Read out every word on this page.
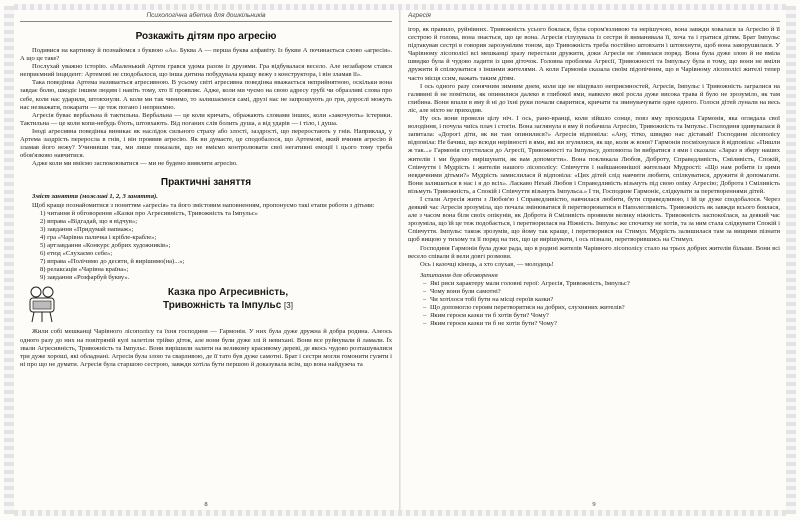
Психологічна абетка для дошкільників
Розкажіть дітям про агресію

Подивися на картинку й познайомся з буквою «А». Буква А — перша буква алфавіту. Із букви А починається слово «агресія». А що це таке?

Послухай уважно історію. «Маленький Артем грався удома разом із друзями. Гра відбувалася весело. Але незабаром стався неприємний інцидент: Артемові не сподобалося, що інша дитина побудувала кращу вежу з конструктора, і він зламав її».

Така поведінка Артема називається агресивною. В усьому світі агресивна поведінка вважається неприйнятною, оскільки вона завдає болю, шкодіє іншим людям і навіть тому, хто її проявляє. Адже, коли ми чуємо на свою адресу грубі чи образливі слова про себе, коли нас ударили, штовхнули. А коли ми так чинимо, то залишаємося самі, друзі нас не запрошують до гри, дорослі можуть нас незважати, покарати — це теж погано і неприємно.

Агресія буває вербальна й тактильна. Вербальна — це коли кричать, ображають словами інших, коли «закочують» істерики. Тактильна — це коли копи-небудь б'ють, штовхають. Від поганих слів болить душа, а від ударів — і тіло, і душа.

Іноді агресивна поведінка виникає як наслідок сильного страху або злості, заздрості, що переростають у гнів. Наприклад, у Артема заздрість переросла в гнів, і він проявив агресію. Як ви думаєте, це сподобалося, що Артемові, який вчинив агресію й зламав його вежу? Учинивши так, ми лише показали, що не вміємо контролювати свої негативні емоції і цього тому треба обов'язково навчитися.

Адже коли ми вміємо заспокоюватися — ми не будемо виявляти агресію.

Практичні заняття

Зміст заняття (можливі 1, 2, 3 заняття).

Щоб краще познайомитися з поняттям «агресія» та його змістовим наповненням, пропонуємо такі етапи роботи з дітьми:

1) читання й обговорення «Казки про Агресивність, Тривожність та Імпульс»
2) вправа «Відгадай, що я відчув»;
3) завдання «Придумай напиаж»;
4) гра «Чарівна паличка і крібле-крабле»;
5) артзавдання «Конкурс добрих художників»;
6) етюд «Слухаємо себе»;
7) вправа «Полічимо до десяти, й вирішимо(на)...»;
8) релаксація «Чарівна країна»;
9) завдання «Розфарбуй букву».
Казка про Агресивність,
Тривожність та Імпульс [3]

Жили собі мешканці Чарівного лісополісу та їхня господиня — Гармонія. У них була дуже дружна й добра родина. Алеось одного разу до них на повітряній кулі залетіли трійко діток, але вони були дуже злі й невихані. Вони все руйнували й ламали. Їх звали Агресивність, Тривожність та Імпульс. Вони вирішили залити на великому красивому дереві, де якось чудово розташувалися три дуже хороші, які обладнані. Агресія була злою та сварливою, де її тато був дуже самотні. Брат і сестри могли гомонити гуляти і ні про що не думати. Агресія була старшою сестрою, завжди хотіла бути першою й доказувала всім, що вона найдужча та

8
Агресія

ігор, як правило, руйнівних. Тривожність усього боялася, була сором'язливою та нерішучою, вона завжди ховалася за Агресію й її сестрою й голова, вона знається, що це вона. Агресія гілузувала із сестри й виманивала її, хоча та і гратися дітям. Брат Імпульс підтакував сестрі в говорив зарозумілим тоном, що Тривожність треба постійно штовхати і штовхнути, щоб вона заворушилася. У Чарівному лісополісі всі мешканці зразу перестали дружити, доки Агресія не з'явилася поряд. Вона була дуже злою й не вміла швидко була й чудово ладити із цим діточок. Головна проблема Агресії, Тривожності та Імпульсу була в тому, що вони не вміли дружити й спілкуватися з іншими жителями. А коли Гармонія сказала своїм підопічним, що в Чарівному лісополісі жителі тепер часто місця ссим, важать таким дітям.

І ось одного разу сонячним зимним днем, коли ще не віщувало неприємностей, Агресія, Імпульс і Тривожність загралися на галявині й не помітили, як опинилися далеко в глибокої ями, навколо якої росла дуже висока трава й було не зрозуміло, як там глибина. Вони впали в яму й ні до їхні руки почали сваритися, кричати та звинувачувати одне одного. Голоси дітей лунали на весь ліс, але ніхто не приходив.

Ну ось вони провели цілу ніч. І ось, рано-вранці, коли зійшло сонце, повз яму проходила Гармонія, яка оглядала свої володіння, і почула чиїсь плач і стогін. Вона заглянула в яму й побачила Агресію, Тривожність та Імпульс. Господиня здивувалася й запитала: «Дорогі діти, як ви там опинилися?» Агресія відповіла: «Ану, тітко, швидко нас діставай! Господиня лісополісу відповіла: Не бачиш, що всюди нерівності в ями, які ви згулялися, як ще, коли ж вони? Гармонія посміхнулася й відповіла: «Пишли ж так...» Гармонія спустилася до Агресії, Тривожності та Імпульсу, допомогла їм вибратися з ями і сказала: «Зараз я зберу наших жителів і ми будемо вирішувати, як вам допомогти». Вона покликала Любов, Доброту, Справедливість, Сміливість, Спокій, Співчуття і Мудрість і жителів нашого лісополісу: Співчуття і найшановнішої жительки Мудрості: «Що нам робити із цими невдячними дітьми?» Мудрість замислилася й відповіла: «Цих дітей слід навчити любити, спілкуватися, дружити й допомагати. Вони залишаться в нас і я до всіх». Ласкаво Нехай Любов і Справедливість візьмуть під свою опіку Агресію; Доброта і Сміливість візьмуть Тривожність, а Спокій і Співчуття візьмуть Імпульса.» І ти, Господине Гармоніє, слідкувати за перетвореннями дітей.

І стали Агресія жити з Любов'ю і Справедливістю, навчилася любити, бути справедливою, і їй це дуже сподобалося. Через деякий час Агресія зрозуміла, що почала змінюватися й перетворюватися в Наполегливість. Тривожність як завжди всього боялася, але з часом вона біля своїх опікунів, як Доброта й Сміливість проявили велику ніжність. Тривожність заспокоїлася, за деякий час зрозуміла, що їй це теж подобається, і перетворилася на Ніжність. Імпульс же спочатку не хотів, та за ним стала слідкувати Спокій і Співчуття. Імпульс також зрозумів, що йому так краще, і перетворився на Стимул. Мудрість залишилася там за вищими пізнати щоб вищою у тихому та її поряд на тих, що це вирішувати, і ось пізнали, перетворившись на Стимул.

Господиня Гармонія була дуже рада, що в родині жителів Чарівного лісополісу стало на трьох добрих жителів більше. Вони всі весело співали й вели довгі розмови.

Ось і казочці кінець, а хто слухав, — молодець!

Запитання для обговорення

– Які риси характеру мали головні герої: Агресія, Тривожність, Імпульс?
– Чому вони були самотні?
– Чи хотілося тобі бути на місці героїв казки?
– Що допомогло героям перетворитися на добрих, слухняних жителів?
– Яким героєм казки ти б хотів бути? Чому?
– Яким героєм казки ти б не хотів бути? Чому?
9
